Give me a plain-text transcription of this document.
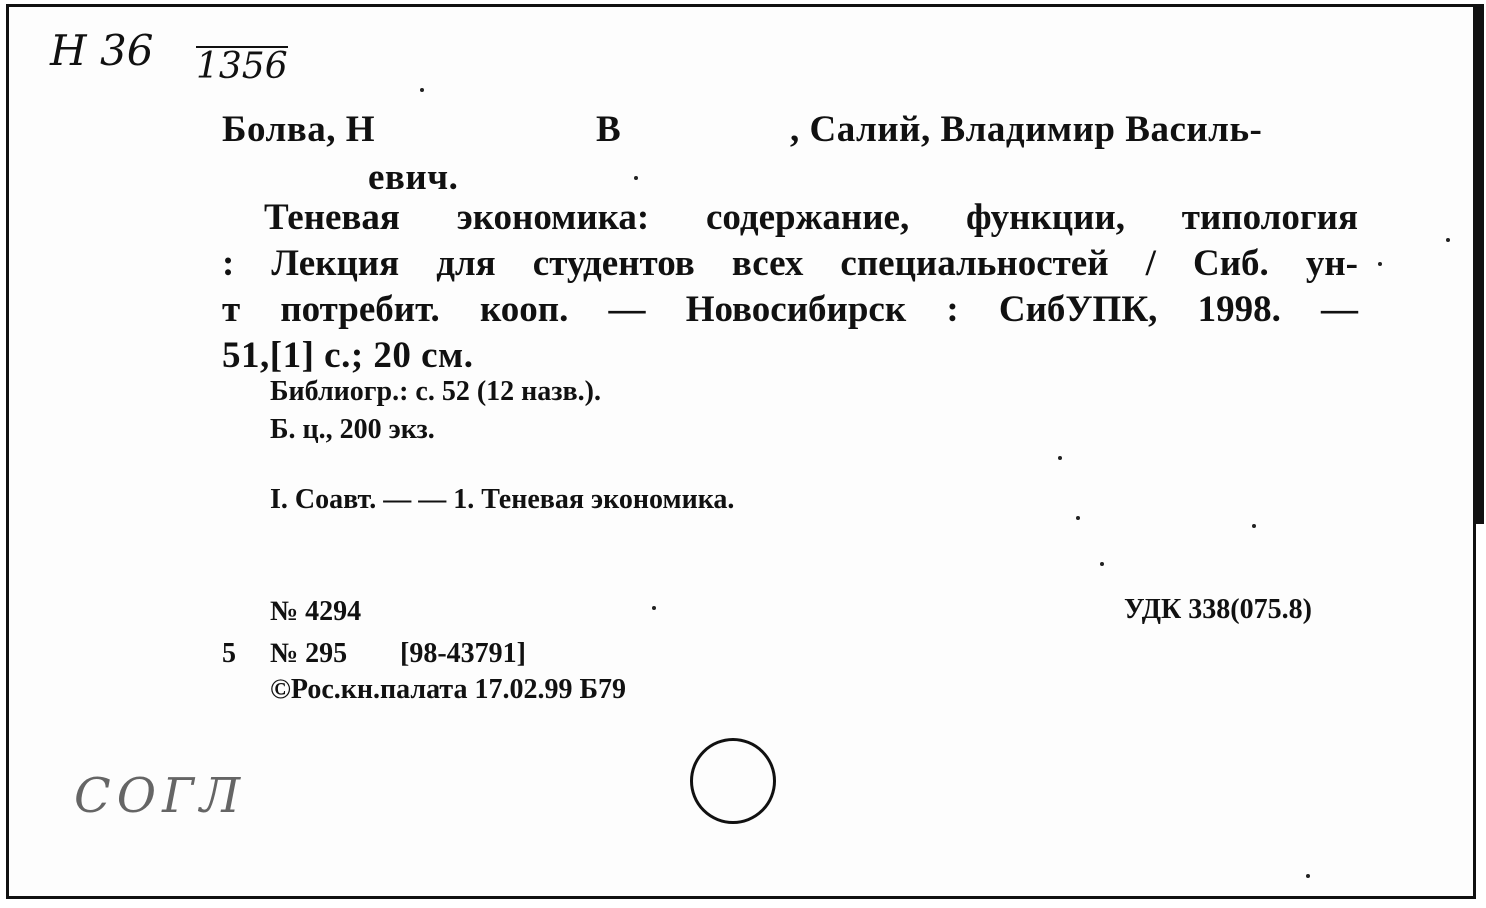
H 36 1356
СОГЛ
Болва, Н	В	, Салий, Владимир Василь-
евич.
Теневая экономика: содержание, функции, типология
: Лекция для студентов всех специальностей / Сиб. ун-
т потребит. кооп. — Новосибирск : СибУПК, 1998. —
51,[1] с.; 20 см.
Библиогр.: с. 52 (12 назв.).
Б. ц., 200 экз.
I. Соавт. — — 1. Теневая экономика.
№ 4294	УДК 338(075.8)
5 № 295 [98-43791]
©Рос.кн.палата 17.02.99 Б79
